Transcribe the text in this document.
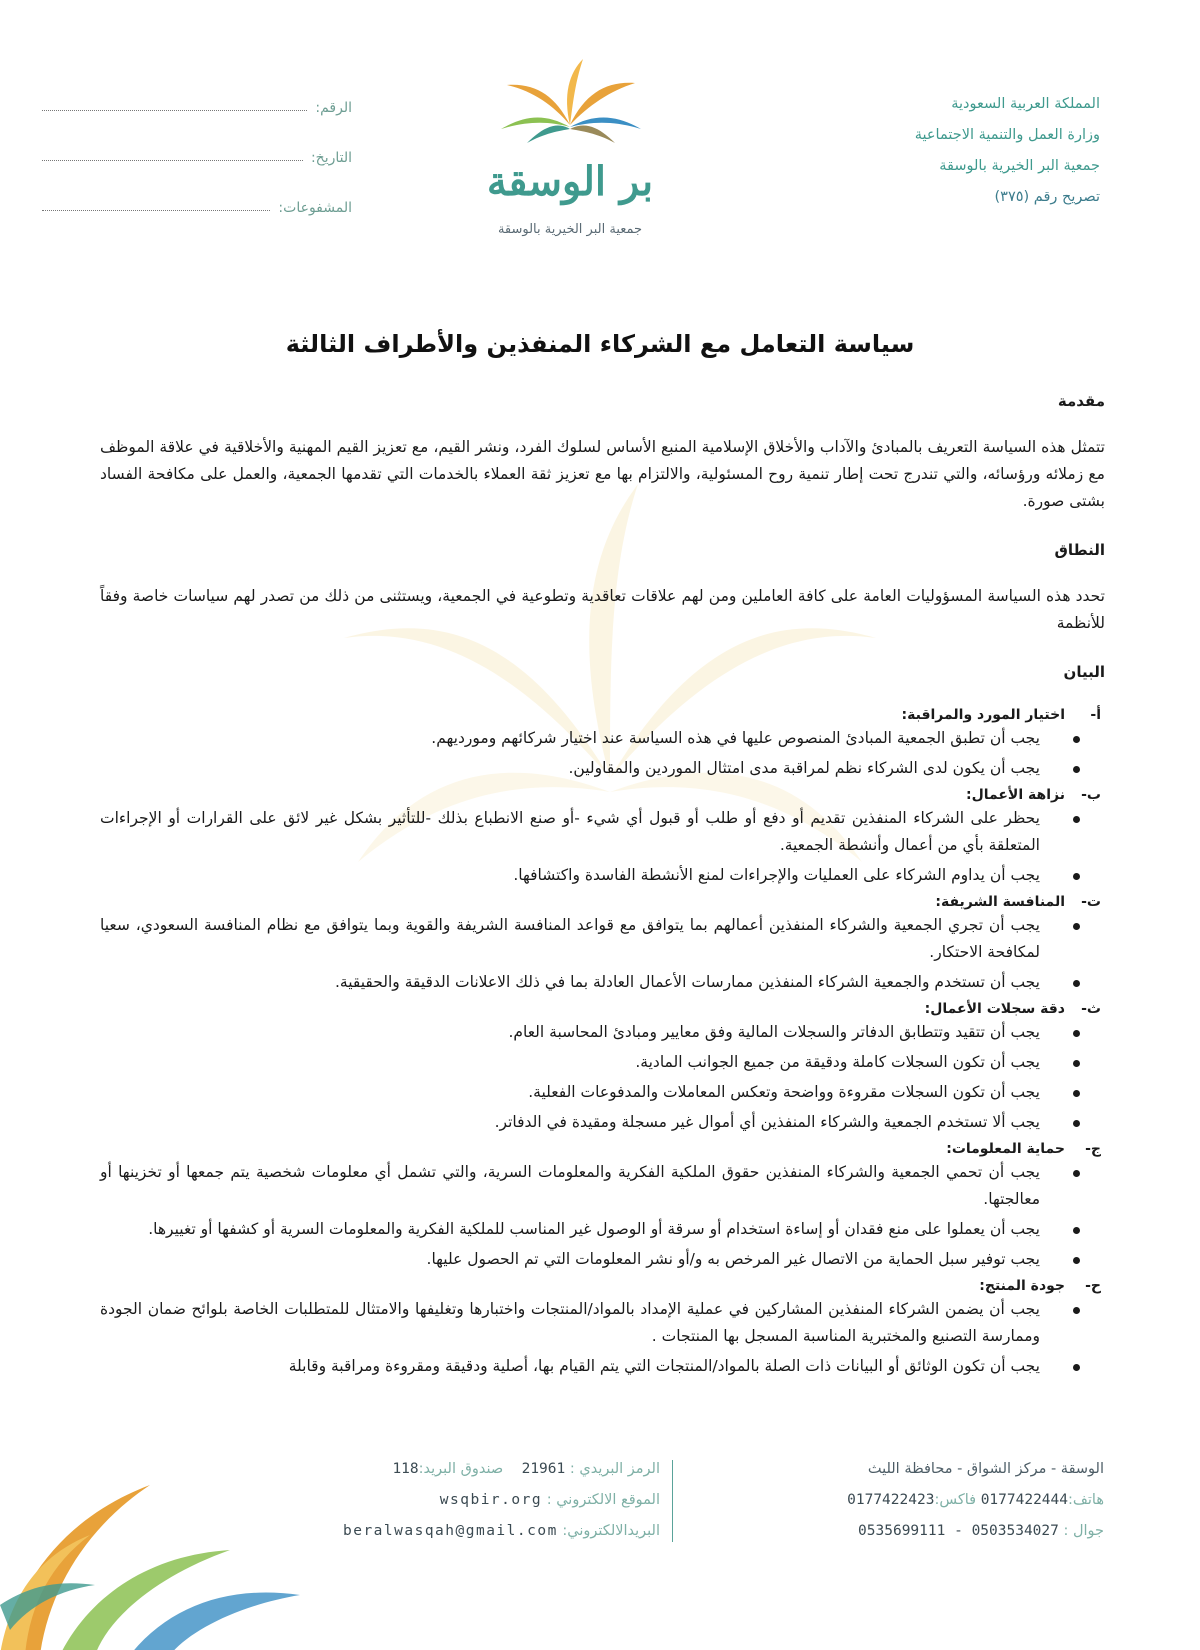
المملكة العربية السعودية
وزارة العمل والتنمية الاجتماعية
جمعية البر الخيرية بالوسقة
تصريح رقم (٣٧٥)
بر الوسقة
جمعية البر الخيرية بالوسقة
الرقم:
التاريخ:
المشفوعات:
سياسة التعامل مع الشركاء المنفذين والأطراف الثالثة
مقدمة

تتمثل هذه السياسة التعريف بالمبادئ والآداب والأخلاق الإسلامية المنبع الأساس لسلوك الفرد، ونشر القيم، مع تعزيز القيم المهنية والأخلاقية في علاقة الموظف مع زملائه ورؤسائه، والتي تندرج تحت إطار تنمية روح المسئولية، والالتزام بها مع تعزيز ثقة العملاء بالخدمات التي تقدمها الجمعية، والعمل على مكافحة الفساد بشتى صورة.

النطاق

تحدد هذه السياسة المسؤوليات العامة على كافة العاملين ومن لهم علاقات تعاقدية وتطوعية في الجمعية، ويستثنى من ذلك من تصدر لهم سياسات خاصة وفقاً للأنظمة

البيان
أ-
اختيار المورد والمراقبة:
يجب أن تطبق الجمعية المبادئ المنصوص عليها في هذه السياسة عند اختيار شركائهم ومورديهم.
يجب أن يكون لدى الشركاء نظم لمراقبة مدى امتثال الموردين والمقاولين.
ب-
نزاهة الأعمال:
يحظر على الشركاء المنفذين تقديم أو دفع أو طلب أو قبول أي شيء -أو صنع الانطباع بذلك -للتأثير بشكل غير لائق على القرارات أو الإجراءات المتعلقة بأي من أعمال وأنشطة الجمعية.
يجب أن يداوم الشركاء على العمليات والإجراءات لمنع الأنشطة الفاسدة واكتشافها.
ت-
المنافسة الشريفة:
يجب أن تجري الجمعية والشركاء المنفذين أعمالهم بما يتوافق مع قواعد المنافسة الشريفة والقوية وبما يتوافق مع نظام المنافسة السعودي، سعيا لمكافحة الاحتكار.
يجب أن تستخدم والجمعية الشركاء المنفذين ممارسات الأعمال العادلة بما في ذلك الاعلانات الدقيقة والحقيقية.
ث-
دقة سجلات الأعمال:
يجب أن تتقيد وتتطابق الدفاتر والسجلات المالية وفق معايير ومبادئ المحاسبة العام.
يجب أن تكون السجلات كاملة ودقيقة من جميع الجوانب المادية.
يجب أن تكون السجلات مقروءة وواضحة وتعكس المعاملات والمدفوعات الفعلية.
يجب ألا تستخدم الجمعية والشركاء المنفذين أي أموال غير مسجلة ومقيدة في الدفاتر.
ج-
حماية المعلومات:
يجب أن تحمي الجمعية والشركاء المنفذين حقوق الملكية الفكرية والمعلومات السرية، والتي تشمل أي معلومات شخصية يتم جمعها أو تخزينها أو معالجتها.
يجب أن يعملوا على منع فقدان أو إساءة استخدام أو سرقة أو الوصول غير المناسب للملكية الفكرية والمعلومات السرية أو كشفها أو تغييرها.
يجب توفير سبل الحماية من الاتصال غير المرخص به و/أو نشر المعلومات التي تم الحصول عليها.
ح-
جودة المنتج:
يجب أن يضمن الشركاء المنفذين المشاركين في عملية الإمداد بالمواد/المنتجات واختبارها وتغليفها والامتثال للمتطلبات الخاصة بلوائح ضمان الجودة وممارسة التصنيع والمختبرية المناسبة المسجل بها المنتجات .
يجب أن تكون الوثائق أو البيانات ذات الصلة بالمواد/المنتجات التي يتم القيام بها، أصلية ودقيقة ومقروءة ومراقبة وقابلة
الوسقة - مركز الشواق - محافظة الليث
هاتف:0177422444 فاكس:0177422423
جوال : 0503534027 - 0535699111
الرمز البريدي : 21961    صندوق البريد:118
الموقع الالكتروني : wsqbir.org
البريدالالكتروني: beralwasqah@gmail.com
